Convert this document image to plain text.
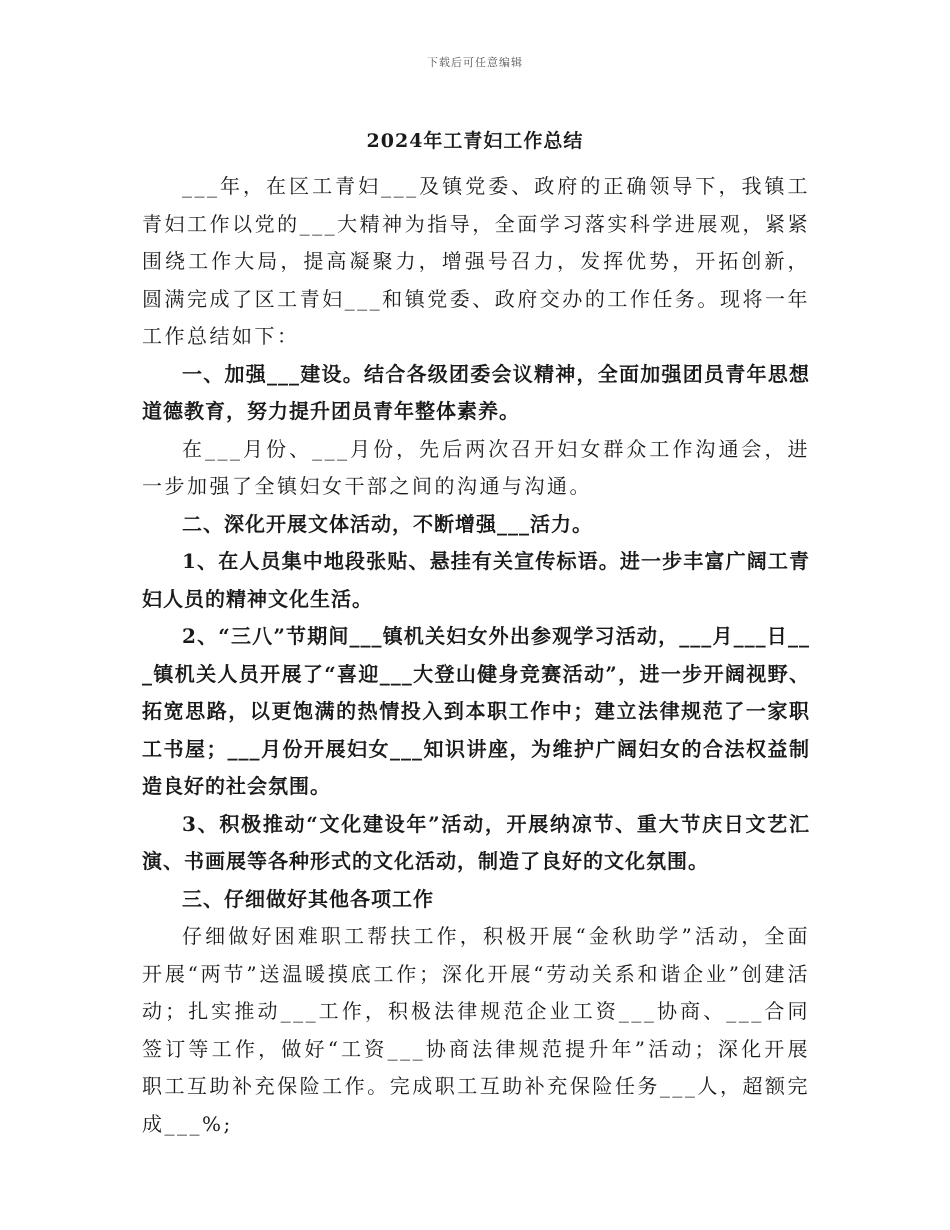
下载后可任意编辑
2024年工青妇工作总结

___年，在区工青妇___及镇党委、政府的正确领导下，我镇工青妇工作以党的___大精神为指导，全面学习落实科学进展观，紧紧围绕工作大局，提高凝聚力，增强号召力，发挥优势，开拓创新，圆满完成了区工青妇___和镇党委、政府交办的工作任务。现将一年工作总结如下：

一、加强___建设。结合各级团委会议精神，全面加强团员青年思想道德教育，努力提升团员青年整体素养。

在___月份、___月份，先后两次召开妇女群众工作沟通会，进一步加强了全镇妇女干部之间的沟通与沟通。

二、深化开展文体活动，不断增强___活力。

1、在人员集中地段张贴、悬挂有关宣传标语。进一步丰富广阔工青妇人员的精神文化生活。

2、“三八”节期间___镇机关妇女外出参观学习活动，___月___日___镇机关人员开展了“喜迎___大登山健身竞赛活动”，进一步开阔视野、拓宽思路，以更饱满的热情投入到本职工作中；建立法律规范了一家职工书屋；___月份开展妇女___知识讲座，为维护广阔妇女的合法权益制造良好的社会氛围。

3、积极推动“文化建设年”活动，开展纳凉节、重大节庆日文艺汇演、书画展等各种形式的文化活动，制造了良好的文化氛围。

三、仔细做好其他各项工作

仔细做好困难职工帮扶工作，积极开展“金秋助学”活动，全面开展“两节”送温暖摸底工作；深化开展“劳动关系和谐企业”创建活动；扎实推动___工作，积极法律规范企业工资___协商、___合同签订等工作，做好“工资___协商法律规范提升年”活动；深化开展职工互助补充保险工作。完成职工互助补充保险任务___人，超额完成___%;
